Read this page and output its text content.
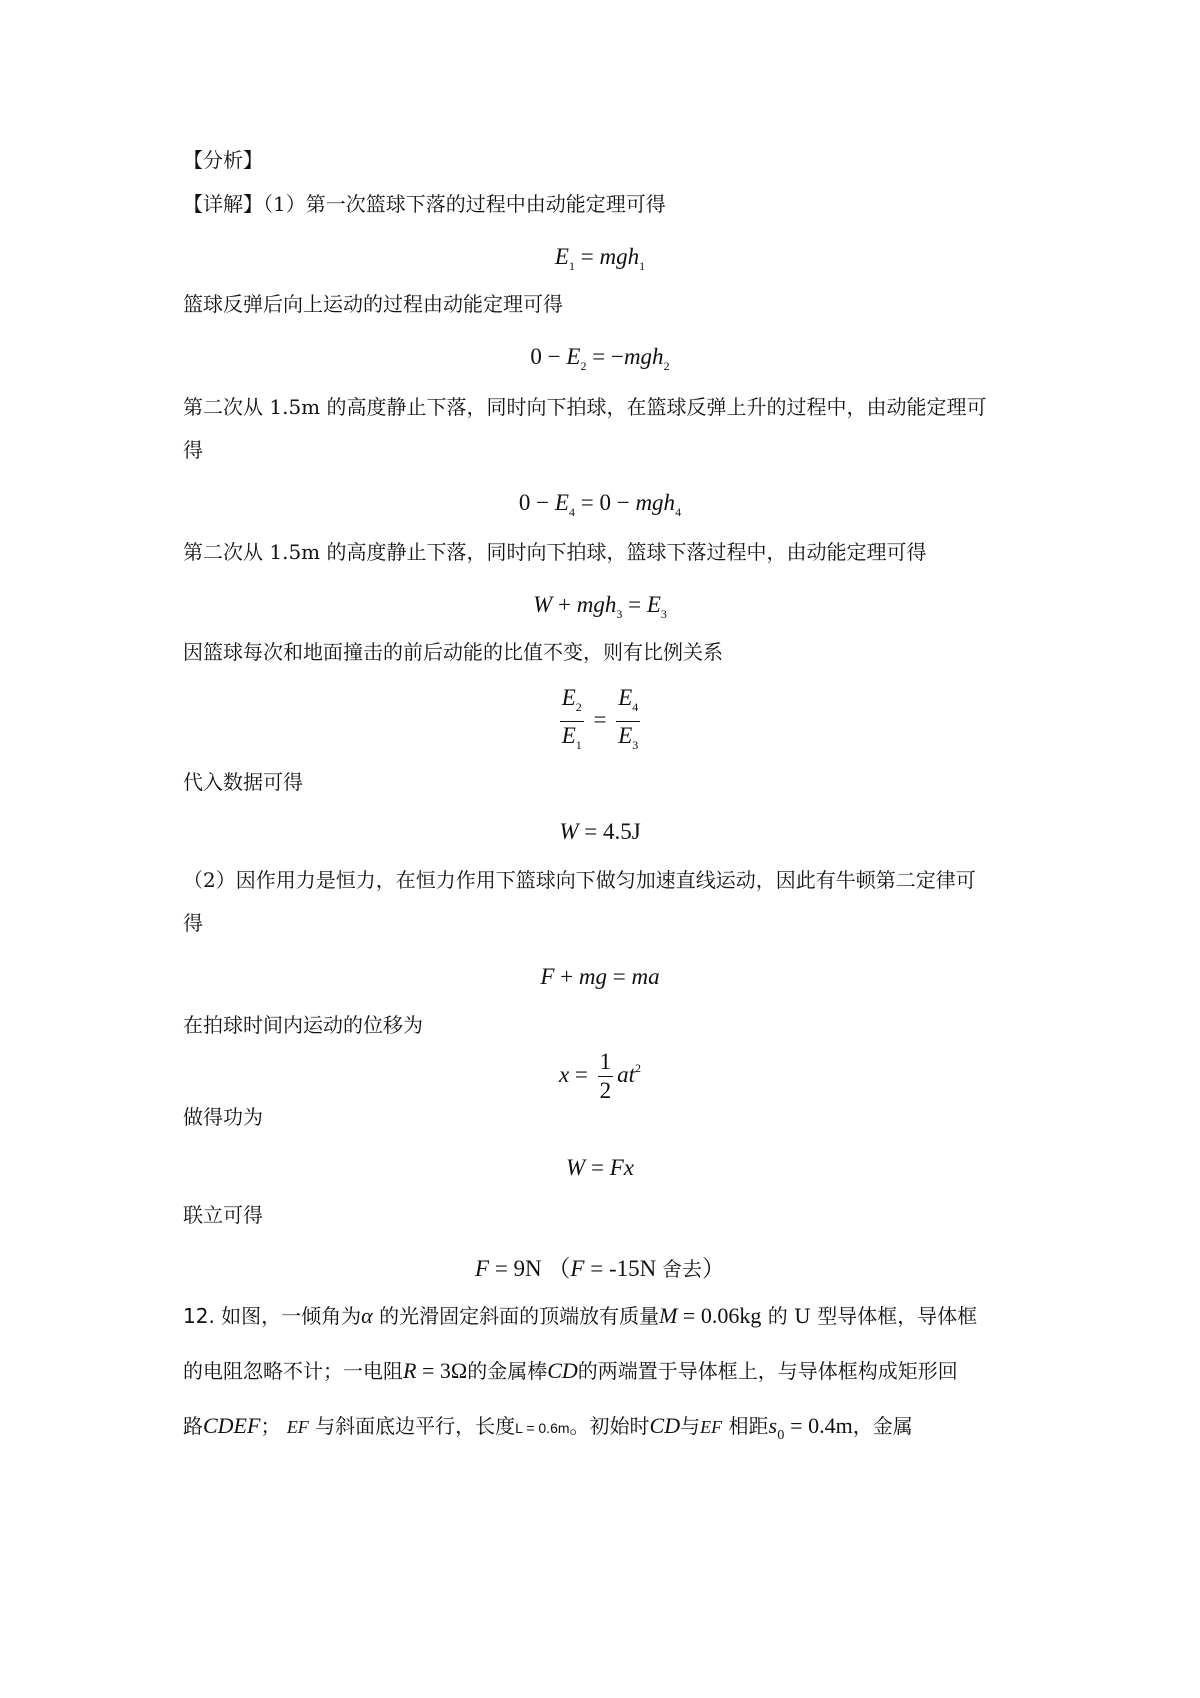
【分析】
【详解】（1）第一次篮球下落的过程中由动能定理可得
$E_1 = mgh_1$
篮球反弹后向上运动的过程由动能定理可得
$0 - E_2 = -mgh_2$
第二次从 1.5m 的高度静止下落，同时向下拍球，在篮球反弹上升的过程中，由动能定理可
得
$0 - E_4 = 0 - mgh_4$
第二次从 1.5m 的高度静止下落，同时向下拍球，篮球下落过程中，由动能定理可得
$W + mgh_3 = E_3$
因篮球每次和地面撞击的前后动能的比值不变，则有比例关系
$\frac{E_2}{E_1} = \frac{E_4}{E_3}$
代入数据可得
W = 4.5J
（2）因作用力是恒力，在恒力作用下篮球向下做匀加速直线运动，因此有牛顿第二定律可
得
F + mg = ma
在拍球时间内运动的位移为
$x = \frac{1}{2} at^2$
做得功为
W = Fx
联立可得
F = 9N （F = -15N 舍去）
12. 如图，一倾角为α 的光滑固定斜面的顶端放有质量M = 0.06kg 的 U 型导体框，导体框
的电阻忽略不计；一电阻R = 3Ω的金属棒CD的两端置于导体框上，与导体框构成矩形回
路CDEF； EF 与斜面底边平行，长度L = 0.6m。初始时CD与EF 相距$s_0 = 0.4m$，金属
